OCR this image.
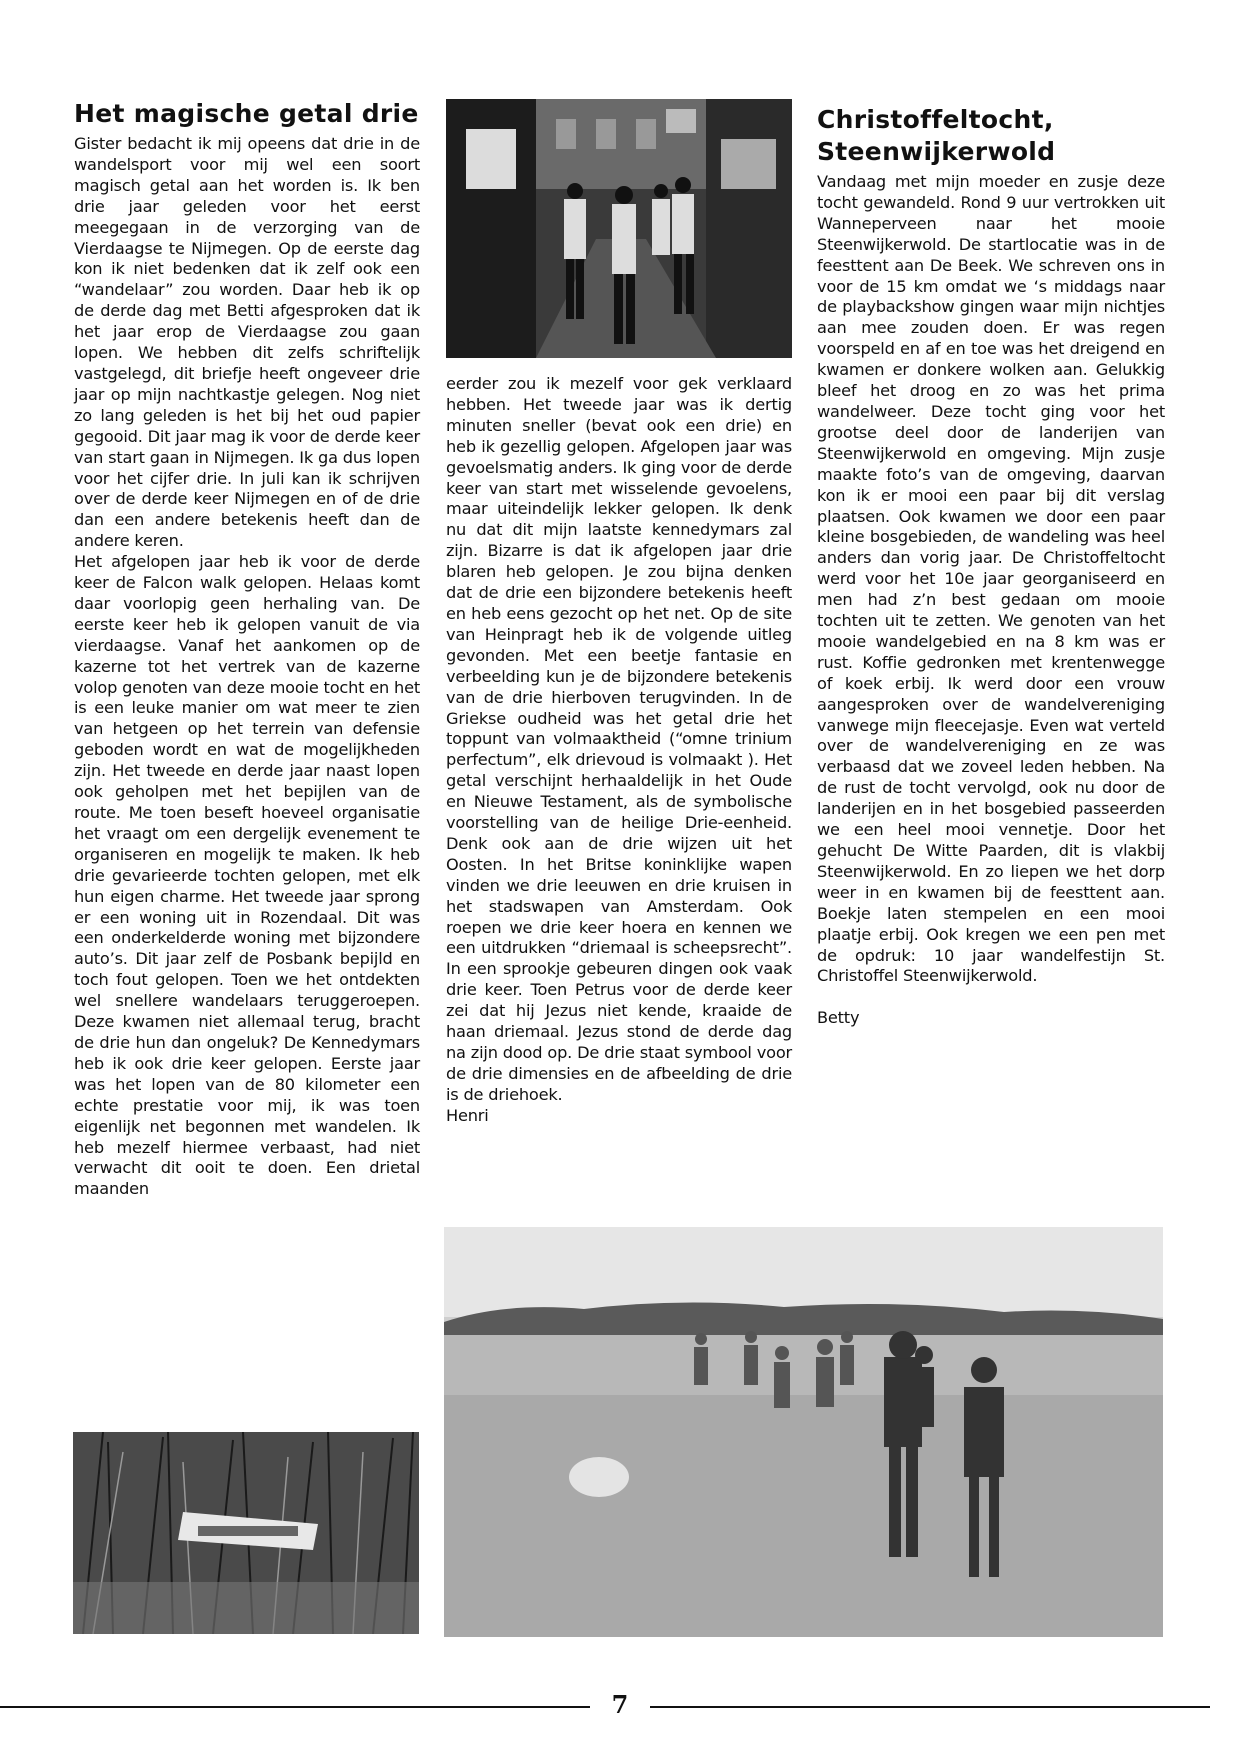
Het magische getal drie

Gister bedacht ik mij opeens dat drie in de wandelsport voor mij wel een soort magisch getal aan het worden is. Ik ben drie jaar geleden voor het eerst meegegaan in de verzorging van de Vierdaagse te Nijmegen. Op de eerste dag kon ik niet bedenken dat ik zelf ook een “wandelaar” zou worden. Daar heb ik op de derde dag met Betti afgesproken dat ik het jaar erop de Vierdaagse zou gaan lopen. We hebben dit zelfs schriftelijk vastgelegd, dit briefje heeft ongeveer drie jaar op mijn nachtkastje gelegen. Nog niet zo lang geleden is het bij het oud papier gegooid. Dit jaar mag ik voor de derde keer van start gaan in Nijmegen. Ik ga dus lopen voor het cijfer drie. In juli kan ik schrijven over de derde keer Nijmegen en of de drie dan een andere betekenis heeft dan de andere keren.

Het afgelopen jaar heb ik voor de derde keer de Falcon walk gelopen. Helaas komt daar voorlopig geen herhaling van. De eerste keer heb ik gelopen vanuit de via vierdaagse. Vanaf het aankomen op de kazerne tot het vertrek van de kazerne volop genoten van deze mooie tocht en het is een leuke manier om wat meer te zien van hetgeen op het terrein van defensie geboden wordt en wat de mogelijkheden zijn. Het tweede en derde jaar naast lopen ook geholpen met het bepijlen van de route. Me toen beseft hoeveel organisatie het vraagt om een dergelijk evenement te organiseren en mogelijk te maken. Ik heb drie gevarieerde tochten gelopen, met elk hun eigen charme. Het tweede jaar sprong er een woning uit in Rozendaal. Dit was een onderkelderde woning met bijzondere auto’s. Dit jaar zelf de Posbank bepijld en toch fout gelopen. Toen we het ontdekten wel snellere wandelaars teruggeroepen. Deze kwamen niet allemaal terug, bracht de drie hun dan ongeluk? De Kennedymars heb ik ook drie keer gelopen. Eerste jaar was het lopen van de 80 kilometer een echte prestatie voor mij, ik was toen eigenlijk net begonnen met wandelen. Ik heb mezelf hiermee verbaast, had niet verwacht dit ooit te doen. Een drietal maanden

eerder zou ik mezelf voor gek verklaard hebben. Het tweede jaar was ik dertig minuten sneller (bevat ook een drie) en heb ik gezellig gelopen. Afgelopen jaar was gevoelsmatig anders. Ik ging voor de derde keer van start met wisselende gevoelens, maar uiteindelijk lekker gelopen. Ik denk nu dat dit mijn laatste kennedymars zal zijn. Bizarre is dat ik afgelopen jaar drie blaren heb gelopen. Je zou bijna denken dat de drie een bijzondere betekenis heeft en heb eens gezocht op het net. Op de site van Heinpragt heb ik de volgende uitleg gevonden. Met een beetje fantasie en verbeelding kun je de bijzondere betekenis van de drie hierboven terugvinden. In de Griekse oudheid was het getal drie het toppunt van volmaaktheid (“omne trinium perfectum”, elk drievoud is volmaakt ). Het getal verschijnt herhaaldelijk in het Oude en Nieuwe Testament, als de symbolische voorstelling van de heilige Drie-eenheid. Denk ook aan de drie wijzen uit het Oosten. In het Britse koninklijke wapen vinden we drie leeuwen en drie kruisen in het stadswapen van Amsterdam. Ook roepen we drie keer hoera en kennen we een uitdrukken “driemaal is scheepsrecht”. In een sprookje gebeuren dingen ook vaak drie keer. Toen Petrus voor de derde keer zei dat hij Jezus niet kende, kraaide de haan driemaal. Jezus stond de derde dag na zijn dood op. De drie staat symbool voor de drie dimensies en de afbeelding de drie is de driehoek.

Henri

Christoffeltocht,
Steenwijkerwold

Vandaag met mijn moeder en zusje deze tocht gewandeld. Rond 9 uur vertrokken uit Wanneperveen naar het mooie Steenwijkerwold. De startlocatie was in de feesttent aan De Beek. We schreven ons in voor de 15 km omdat we ‘s middags naar de playbackshow gingen waar mijn nichtjes aan mee zouden doen. Er was regen voorspeld en af en toe was het dreigend en kwamen er donkere wolken aan. Gelukkig bleef het droog en zo was het prima wandelweer. Deze tocht ging voor het grootse deel door de landerijen van Steenwijkerwold en omgeving. Mijn zusje maakte foto’s van de omgeving, daarvan kon ik er mooi een paar bij dit verslag plaatsen. Ook kwamen we door een paar kleine bosgebieden, de wandeling was heel anders dan vorig jaar. De Christoffeltocht werd voor het 10e jaar georganiseerd en men had z’n best gedaan om mooie tochten uit te zetten. We genoten van het mooie wandelgebied en na 8 km was er rust. Koffie gedronken met krentenwegge of koek erbij. Ik werd door een vrouw aangesproken over de wandelvereniging vanwege mijn fleecejasje. Even wat verteld over de wandelvereniging en ze was verbaasd dat we zoveel leden hebben. Na de rust de tocht vervolgd, ook nu door de landerijen en in het bosgebied passeerden we een heel mooi vennetje. Door het gehucht De Witte Paarden, dit is vlakbij Steenwijkerwold. En zo liepen we het dorp weer in en kwamen bij de feesttent aan. Boekje laten stempelen en een mooi plaatje erbij. Ook kregen we een pen met de opdruk: 10 jaar wandelfestijn St. Christoffel Steenwijkerwold.

Betty

7
